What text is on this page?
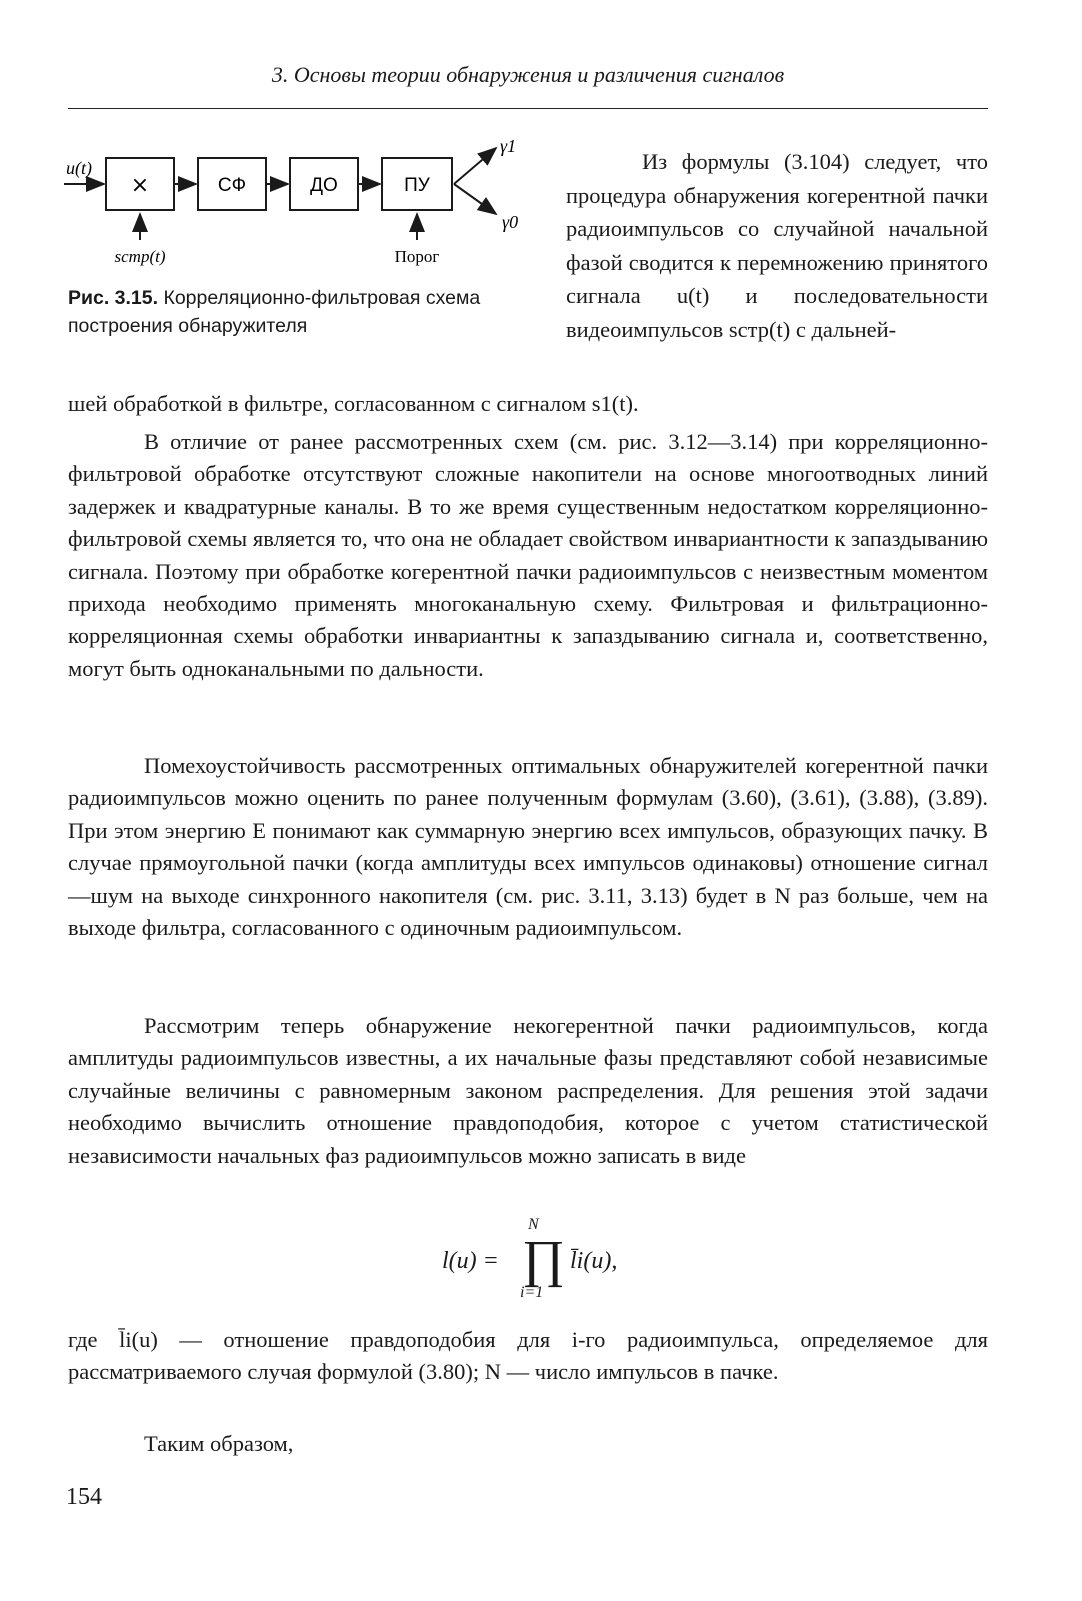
3. Основы теории обнаружения и различения сигналов
u(t)
×	СФ	ДО	ПУ
γ1
γ0
sстр(t)	Порог
Рис. 3.15. Корреляционно-фильтровая схема построения обнаружителя
Из формулы (3.104) следует, что процедура обнаружения когерентной пачки радиоимпульсов со случайной начальной фазой сводится к перемножению принятого сигнала u(t) и последовательности видеоимпульсов sстр(t) с дальней-
шей обработкой в фильтре, согласованном с сигналом s1(t).
В отличие от ранее рассмотренных схем (см. рис. 3.12—3.14) при корреляционно-фильтровой обработке отсутствуют сложные накопители на основе многоотводных линий задержек и квадратурные каналы. В то же время существенным недостатком корреляционно-фильтровой схемы является то, что она не обладает свойством инвариантности к запаздыванию сигнала. Поэтому при обработке когерентной пачки радиоимпульсов с неизвестным моментом прихода необходимо применять многоканальную схему. Фильтровая и фильтрационно-корреляционная схемы обработки инвариантны к запаздыванию сигнала и, соответственно, могут быть одноканальными по дальности.
Помехоустойчивость рассмотренных оптимальных обнаружителей когерентной пачки радиоимпульсов можно оценить по ранее полученным формулам (3.60), (3.61), (3.88), (3.89). При этом энергию E понимают как суммарную энергию всех импульсов, образующих пачку. В случае прямоугольной пачки (когда амплитуды всех импульсов одинаковы) отношение сигнал—шум на выходе синхронного накопителя (см. рис. 3.11, 3.13) будет в N раз больше, чем на выходе фильтра, согласованного с одиночным радиоимпульсом.
Рассмотрим теперь обнаружение некогерентной пачки радиоимпульсов, когда амплитуды радиоимпульсов известны, а их начальные фазы представляют собой независимые случайные величины с равномерным законом распределения. Для решения этой задачи необходимо вычислить отношение правдоподобия, которое с учетом статистической независимости начальных фаз радиоимпульсов можно записать в виде
N
l(u) = ∏
i=1
l̄i(u),
где l̄i(u) — отношение правдоподобия для i-го радиоимпульса, определяемое для рассматриваемого случая формулой (3.80); N — число импульсов в пачке.
Таким образом,
154
